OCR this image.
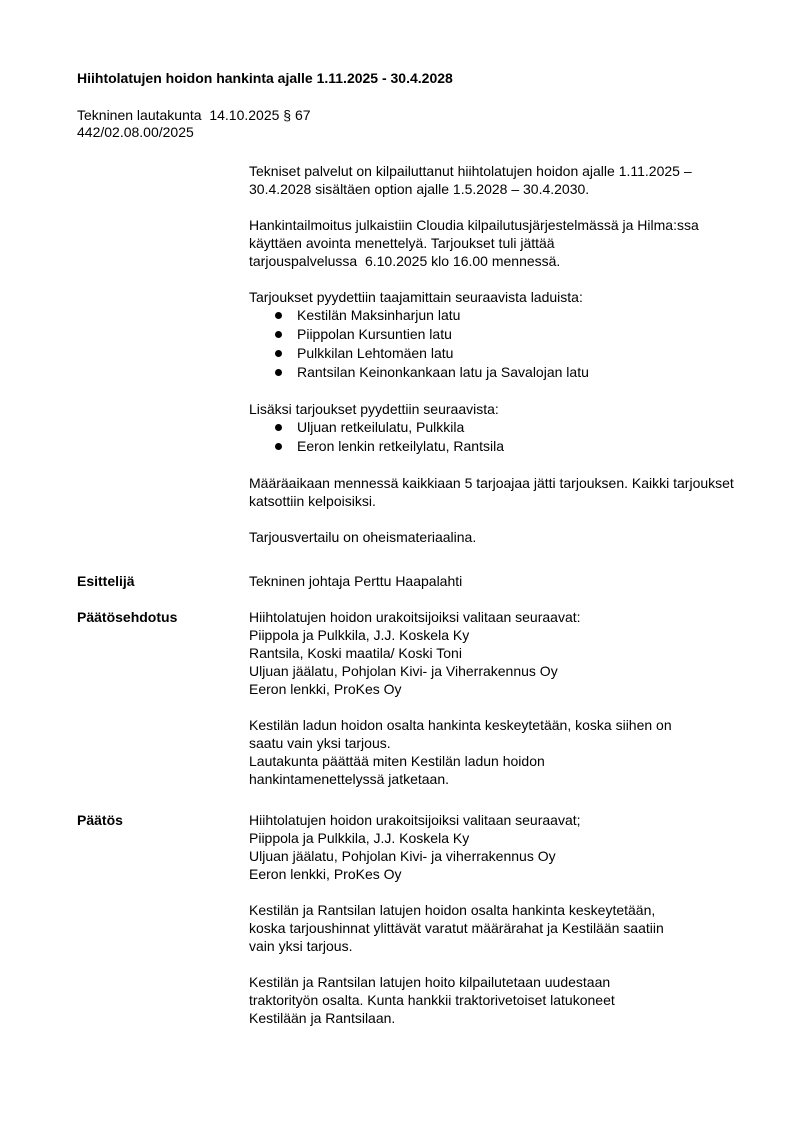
Hiihtolatujen hoidon hankinta ajalle 1.11.2025 - 30.4.2028
Tekninen lautakunta  14.10.2025 § 67
442/02.08.00/2025

Tekniset palvelut on kilpailuttanut hiihtolatujen hoidon ajalle 1.11.2025 – 30.4.2028 sisältäen option ajalle 1.5.2028 – 30.4.2030.

Hankintailmoitus julkaistiin Cloudia kilpailutusjärjestelmässä ja Hilma:ssa käyttäen avointa menettelyä. Tarjoukset tuli jättää tarjouspalvelussa  6.10.2025 klo 16.00 mennessä.

Tarjoukset pyydettiin taajamittain seuraavista laduista:
Kestilän Maksinharjun latu
Piippolan Kursuntien latu
Pulkkilan Lehtomäen latu
Rantsilan Keinonkankaan latu ja Savalojan latu
Lisäksi tarjoukset pyydettiin seuraavista:
Uljuan retkeilulatu, Pulkkila
Eeron lenkin retkeilylatu, Rantsila

Määräaikaan mennessä kaikkiaan 5 tarjoajaa jätti tarjouksen. Kaikki tarjoukset katsottiin kelpoisiksi.

Tarjousvertailu on oheismateriaalina.

Esittelijä	Tekninen johtaja Perttu Haapalahti
Päätösehdotus	Hiihtolatujen hoidon urakoitsijoiksi valitaan seuraavat:
Piippola ja Pulkkila, J.J. Koskela Ky
Rantsila, Koski maatila/ Koski Toni
Uljuan jäälatu, Pohjolan Kivi- ja Viherrakennus Oy
Eeron lenkki, ProKes Oy

Kestilän ladun hoidon osalta hankinta keskeytetään, koska siihen on
saatu vain yksi tarjous.
Lautakunta päättää miten Kestilän ladun hoidon
hankintamenettelyssä jatketaan.

Päätös	Hiihtolatujen hoidon urakoitsijoiksi valitaan seuraavat;
Piippola ja Pulkkila, J.J. Koskela Ky
Uljuan jäälatu, Pohjolan Kivi- ja viherrakennus Oy
Eeron lenkki, ProKes Oy

Kestilän ja Rantsilan latujen hoidon osalta hankinta keskeytetään,
koska tarjoushinnat ylittävät varatut määrärahat ja Kestilään saatiin
vain yksi tarjous.

Kestilän ja Rantsilan latujen hoito kilpailutetaan uudestaan
traktorityön osalta. Kunta hankkii traktorivetoiset latukoneet
Kestilään ja Rantsilaan.
